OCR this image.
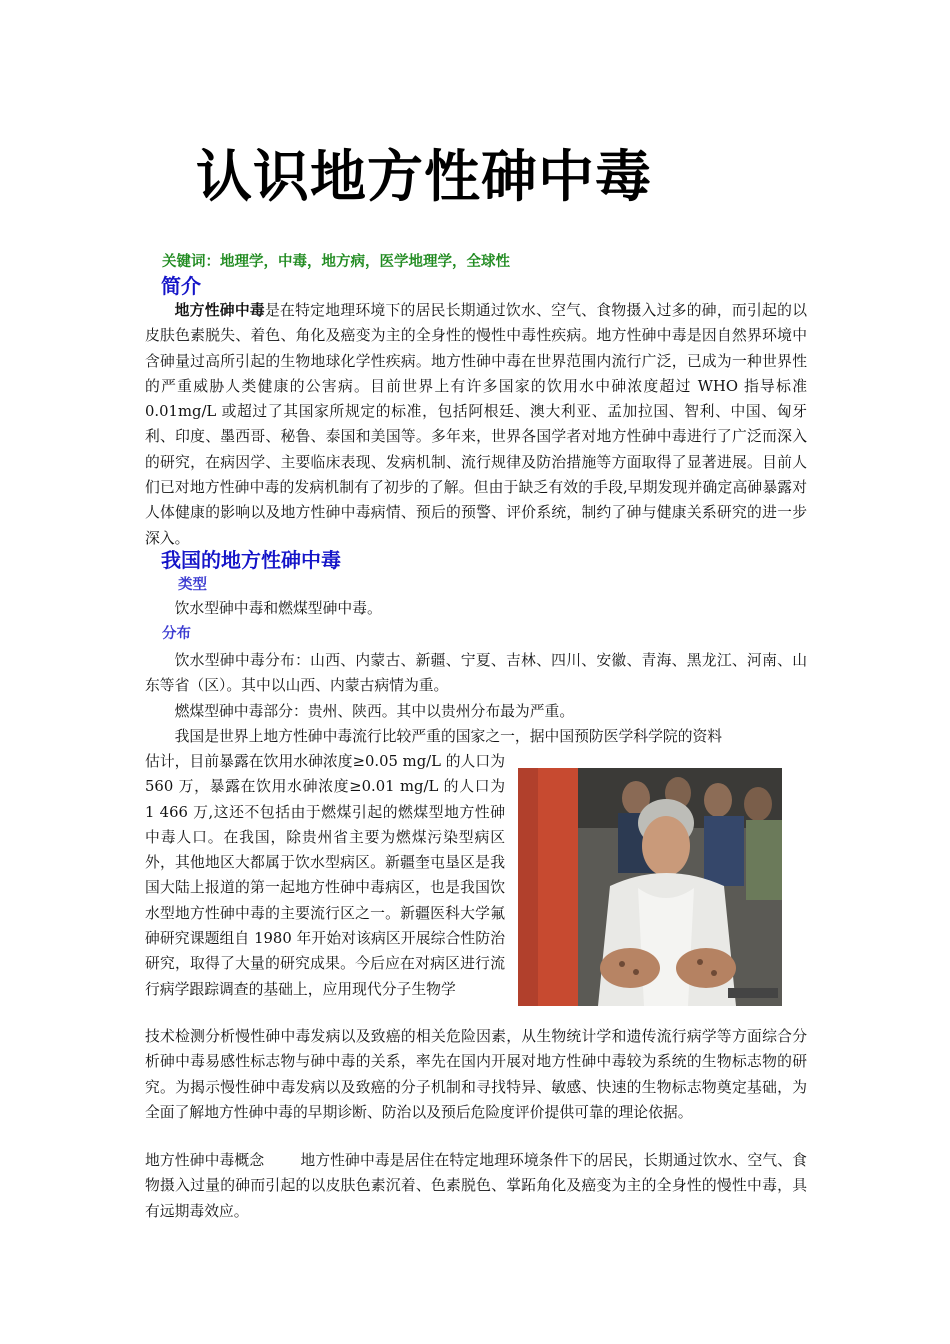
认识地方性砷中毒

关键词：地理学，中毒，地方病，医学地理学，全球性

简介

地方性砷中毒是在特定地理环境下的居民长期通过饮水、空气、食物摄入过多的砷，而引起的以皮肤色素脱失、着色、角化及癌变为主的全身性的慢性中毒性疾病。地方性砷中毒是因自然界环境中含砷量过高所引起的生物地球化学性疾病。地方性砷中毒在世界范围内流行广泛，已成为一种世界性的严重威胁人类健康的公害病。目前世界上有许多国家的饮用水中砷浓度超过 WHO 指导标准 0.01mg/L 或超过了其国家所规定的标准，包括阿根廷、澳大利亚、孟加拉国、智利、中国、匈牙利、印度、墨西哥、秘鲁、泰国和美国等。多年来，世界各国学者对地方性砷中毒进行了广泛而深入的研究，在病因学、主要临床表现、发病机制、流行规律及防治措施等方面取得了显著进展。目前人们已对地方性砷中毒的发病机制有了初步的了解。但由于缺乏有效的手段,早期发现并确定高砷暴露对人体健康的影响以及地方性砷中毒病情、预后的预警、评价系统，制约了砷与健康关系研究的进一步深入。

我国的地方性砷中毒
类型

饮水型砷中毒和燃煤型砷中毒。

分布

饮水型砷中毒分布：山西、内蒙古、新疆、宁夏、吉林、四川、安徽、青海、黑龙江、河南、山东等省（区）。其中以山西、内蒙古病情为重。

燃煤型砷中毒部分：贵州、陕西。其中以贵州分布最为严重。

我国是世界上地方性砷中毒流行比较严重的国家之一，据中国预防医学科学院的资料

估计，目前暴露在饮用水砷浓度≥0.05 mg/L 的人口为 560 万，暴露在饮用水砷浓度≥0.01 mg/L 的人口为 1 466 万,这还不包括由于燃煤引起的燃煤型地方性砷中毒人口。在我国，除贵州省主要为燃煤污染型病区外，其他地区大都属于饮水型病区。新疆奎屯垦区是我国大陆上报道的第一起地方性砷中毒病区，也是我国饮水型地方性砷中毒的主要流行区之一。新疆医科大学氟砷研究课题组自 1980 年开始对该病区开展综合性防治研究，取得了大量的研究成果。今后应在对病区进行流行病学跟踪调查的基础上，应用现代分子生物学

技术检测分析慢性砷中毒发病以及致癌的相关危险因素，从生物统计学和遗传流行病学等方面综合分析砷中毒易感性标志物与砷中毒的关系，率先在国内开展对地方性砷中毒较为系统的生物标志物的研究。为揭示慢性砷中毒发病以及致癌的分子机制和寻找特异、敏感、快速的生物标志物奠定基础，为全面了解地方性砷中毒的早期诊断、防治以及预后危险度评价提供可靠的理论依据。

地方性砷中毒概念 地方性砷中毒是居住在特定地理环境条件下的居民，长期通过饮水、空气、食物摄入过量的砷而引起的以皮肤色素沉着、色素脱色、掌跖角化及癌变为主的全身性的慢性中毒，具有远期毒效应。
